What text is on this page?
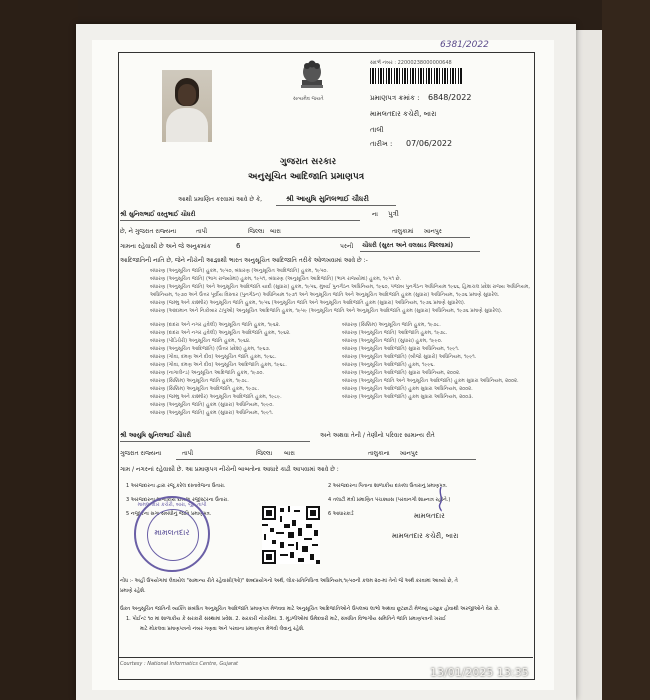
6381/2022
સત્યમેવ જયતે
સંદર્ભ નંબર : 22000238000000648
પ્રમાણપત્ર ક્રમાંક : 6848/2022
મામલતદાર કચેરી, બારા
તાલી
તારીખ : 07/06/2022
ગુજરાત સરકાર
અનુસૂચિત આદિજાતિ પ્રમાણપત્ર
આથી પ્રમાણિત કરવામાં આવે છે કે,	શ્રી આયુષિ સુનિલભાઈ ચૌધરી
શ્રી સુનિલભાઈ વસ્તુભાઈ ચૌધરી	ના પુત્રી
છે, ને ગુજરાત રાજ્યના	તાપી	જિલ્લા બારા	તાલુકામાં ખાનપુર
ગામના રહેવાસી છે અને જે અનુક્રમાંક	6	પરની ચૌધરી (સુરત અને વલસાડ જિલ્લામાં)
આદિજાતિની નાતિ છે, જેને નીચેની આજ્ઞાથી ભારત અનુસૂચિત આદિજાતિ તરીકે ઓળખવામાં આવે છે :-
બંધારણ (અનુસૂચિત જાતિ) હુકમ, ૧૯૫૦, બંધારણ (અનુસૂચિત આદિજાતિ) હુકમ, ૧૯૫૦.
બંધારણ (અનુસૂચિત જાતિ) (ભાગ રાજ્યોમાં) હુકમ, ૧૯૫૧, બંધારણ (અનુસૂચિત આદિજાતિ) (ભાગ રાજ્યોમાં) હુકમ, ૧૯૫૧ છે.
બંધારણ (અનુસૂચિત જાતિ) અને અનુસૂચિત આદિજાતિ યાદી (સુધારા) હુકમ, ૧૯૫૬, મુંબઈ પુનર્ગઠન અધિનિયમ, ૧૯૬૦, પંજાબ પુનર્ગઠન અધિનિયમ ૧૯૬૬, હિમાચલ પ્રદેશ રાજ્ય અધિનિયમ,
અધિનિયમ, ૧૯૭૦ અને ઉત્તર પૂર્વીય વિસ્તાર (પુનર્ગઠન) અધિનિયમ ૧૯૭૧ અને અનુસૂચિત જાતિ અને અનુસૂચિત આદિજાતિ હુકમ (સુધારા) અધિનિયમ, ૧૯૭૬ પ્રમાણે સુધારેલ.
બંધારણ (જમ્મુ અને કાશ્મીર) અનુસૂચિત જાતિ હુકમ, ૧૯૫૬ (અનુસૂચિત જાતિ અને અનુસૂચિત આદિજાતિ હુકમ (સુધારા) અધિનિયમ, ૧૯૭૬ પ્રમાણે સુધારેલ).
બંધારણ (આંદામાન અને નિકોબાર ટાપુઓ) અનુસૂચિત આદિજાતિ હુકમ, ૧૯૫૯ (અનુસૂચિત જાતિ અને અનુસૂચિત આદિજાતિ હુકમ (સુધારા) અધિનિયમ, ૧૯૭૬ પ્રમાણે સુધારેલ).
બંધારણ (દાદરા અને નગર હવેલી) અનુસૂચિત જાતિ હુકમ, ૧૯૬૨.
બંધારણ (દાદરા અને નગર હવેલી) અનુસૂચિત આદિજાતિ હુકમ, ૧૯૬૨.
બંધારણ (પોંડિચેરી) અનુસૂચિત જાતિ હુકમ, ૧૯૬૪.
બંધારણ (અનુસૂચિત આદિજાતિ) (ઉત્તર પ્રદેશ) હુકમ, ૧૯૬૭.
બંધારણ (ગોવા, દમણ અને દીવ) અનુસૂચિત જાતિ હુકમ, ૧૯૬૮.
બંધારણ (ગોવા, દમણ અને દીવ) અનુસૂચિત આદિજાતિ હુકમ, ૧૯૬૮.
બંધારણ (નાગાલેન્ડ) અનુસૂચિત આદિજાતિ હુકમ, ૧૯૭૦.
બંધારણ (સિક્કિમ) અનુસૂચિત જાતિ હુકમ, ૧૯૭૮.
બંધારણ (સિક્કિમ) અનુસૂચિત આદિજાતિ હુકમ, ૧૯૭૮.
બંધારણ (જમ્મુ અને કાશ્મીર) અનુસૂચિત આદિજાતિ હુકમ, ૧૯૮૯.
બંધારણ (અનુસૂચિત જાતિ) હુકમ (સુધારા) અધિનિયમ, ૧૯૯૦.
બંધારણ (અનુસૂચિત જાતિ) હુકમ (સુધારા) અધિનિયમ, ૧૯૯૧.
બંધારણ (સિક્કિમ) અનુસૂચિત જાતિ હુકમ, ૧૯૭૮.
બંધારણ (અનુસૂચિત જાતિ) આદિજાતિ હુકમ, ૧૯૭૮.
બંધારણ (અનુસૂચિત જાતિ) (સુધારા) હુકમ, ૧૯૯૦.
બંધારણ (અનુસૂચિત આદિજાતિ) સુધારા અધિનિયમ, ૧૯૯૧.
બંધારણ (અનુસૂચિત આદિજાતિ) (બીજો સુધારો) અધિનિયમ, ૧૯૯૧.
બંધારણ (અનુસૂચિત આદિજાતિ) હુકમ, ૧૯૯૬.
બંધારણ (અનુસૂચિત આદિજાતિ) સુધારા અધિનિયમ, ૨૦૦૨.
બંધારણ (અનુસૂચિત જાતિ અને અનુસૂચિત આદિજાતિ) હુકમ સુધારા અધિનિયમ, ૨૦૦૨.
બંધારણ (અનુસૂચિત આદિજાતિ) હુકમ સુધારા અધિનિયમ, ૨૦૦૨.
બંધારણ (અનુસૂચિત આદિજાતિ) હુકમ સુધારા અધિનિયમ, ૨૦૦૩.
શ્રી આયુષિ સુનિલભાઈ ચૌધરી	અને અથવા તેની / તેણીનો પરિવાર સામાન્ય રીતે
ગુજરાત રાજ્યના	તાપી	જિલ્લા બારા	તાલુકાના ખાનપુર
ગામ / નગરનાં રહેવાસી છે. આ પ્રમાણપત્ર નીચેની બાબતોના આધારે કાઢી આપવામાં આવે છે :
1 અરજદારના દ્વારા રજૂ કરેલ દસ્તાવેજના ઉતારા.	2 અરજદારના પિતાના શાળાકીય દાખલા ઉતારાનું પ્રમાણપત્ર.
3 અરજદારના શાળાકીય દાખલા રજીસ્ટરના ઉતારા.	4 તલાટી મંત્રી પ્રમાણિત પંચક્યાસ (પરવાનગી શાહ્નાત્ર રહીને.)
5 નજીકના સગા સંબંધીનું જાતિ પ્રમાણપત્ર.	6 આધારકાર્ડ
મામલતદાર કચેરી, બારા, જી. તાપી
મામલતદાર
મામલતદાર
મામલતદાર કચેરી, બારા
નોંધ :- અહીં ઉપયોગમાં લેવાયેલ "સામાન્ય રીતે રહેવાસી(ઓ)" શબ્દપ્રયોગનો અર્થ, લોક-પ્રતિનિધિત્વ અધિનિયમ,૧૯૫૦ની કલમ ૨૦-માં તેનો જે અર્થ કરવામાં આવ્યો છે, તે
પ્રમાણે રહેશે.
ઉક્ત અનુસૂચિત જાતિની વ્યક્તિ સંબંધિત અનુસૂચિત આદિજાતિ પ્રમાણપત્ર મેળવવા માટે અનુસૂચિત આદિજાતિઓને ઉપલબ્ધ લાભો અથવા છૂટછાટો મેળવ્યું ઇચ્છુક હોવાથી અરજીઓને વેરા છે.
1. પોઈન્ટ ૧૦ માં શાળાકીય કે સરકારી સંસ્થામાં પ્રવેશ. 2. સરકારી નોકરીમાં. 3. મૂંડળીઓમાં ઉમેદવારી માટે, સંબંધિત વિભાગીય સમિતિને જાતિ પ્રમાણપત્રની ખરાઈ
માટે મોકલવા પ્રમાણપત્રનો નંબર ગણવા અને પરવાના પ્રમાણપત્ર મેળવી લેવાનું રહેશે.
Courtesy : National Informatics Centre, Gujarat
13/01/2025 13:35
